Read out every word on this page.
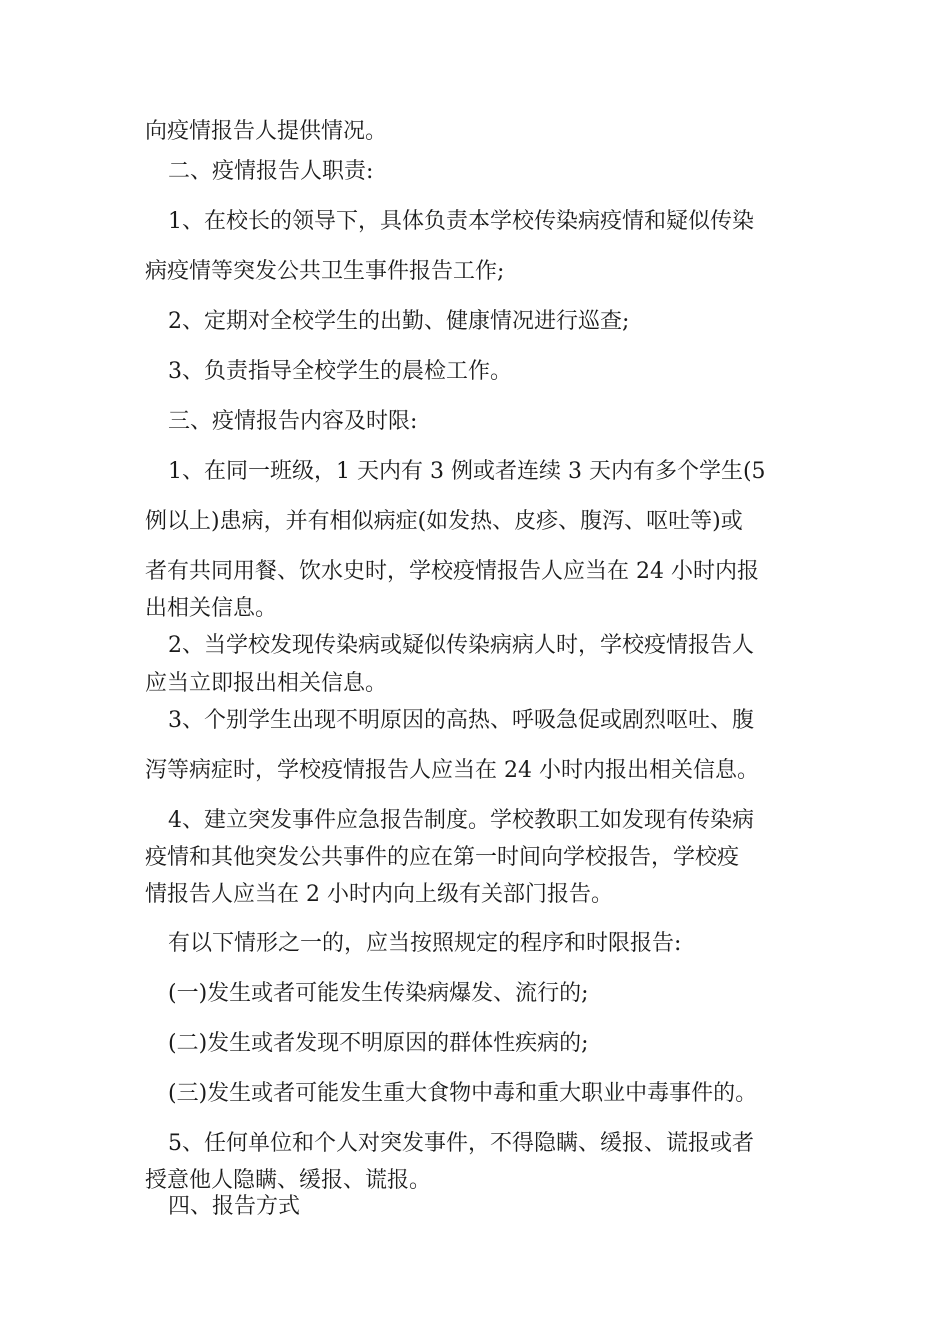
向疫情报告人提供情况。
二、疫情报告人职责:
1、在校长的领导下，具体负责本学校传染病疫情和疑似传染
病疫情等突发公共卫生事件报告工作;
2、定期对全校学生的出勤、健康情况进行巡查;
3、负责指导全校学生的晨检工作。
三、疫情报告内容及时限:
1、在同一班级，1 天内有 3 例或者连续 3 天内有多个学生(5
例以上)患病，并有相似病症(如发热、皮疹、腹泻、呕吐等)或
者有共同用餐、饮水史时，学校疫情报告人应当在 24 小时内报
出相关信息。
2、当学校发现传染病或疑似传染病病人时，学校疫情报告人
应当立即报出相关信息。
3、个别学生出现不明原因的高热、呼吸急促或剧烈呕吐、腹
泻等病症时，学校疫情报告人应当在 24 小时内报出相关信息。
4、建立突发事件应急报告制度。学校教职工如发现有传染病
疫情和其他突发公共事件的应在第一时间向学校报告，学校疫
情报告人应当在 2 小时内向上级有关部门报告。
有以下情形之一的，应当按照规定的程序和时限报告:
(一)发生或者可能发生传染病爆发、流行的;
(二)发生或者发现不明原因的群体性疾病的;
(三)发生或者可能发生重大食物中毒和重大职业中毒事件的。
5、任何单位和个人对突发事件，不得隐瞒、缓报、谎报或者
授意他人隐瞒、缓报、谎报。
四、报告方式
